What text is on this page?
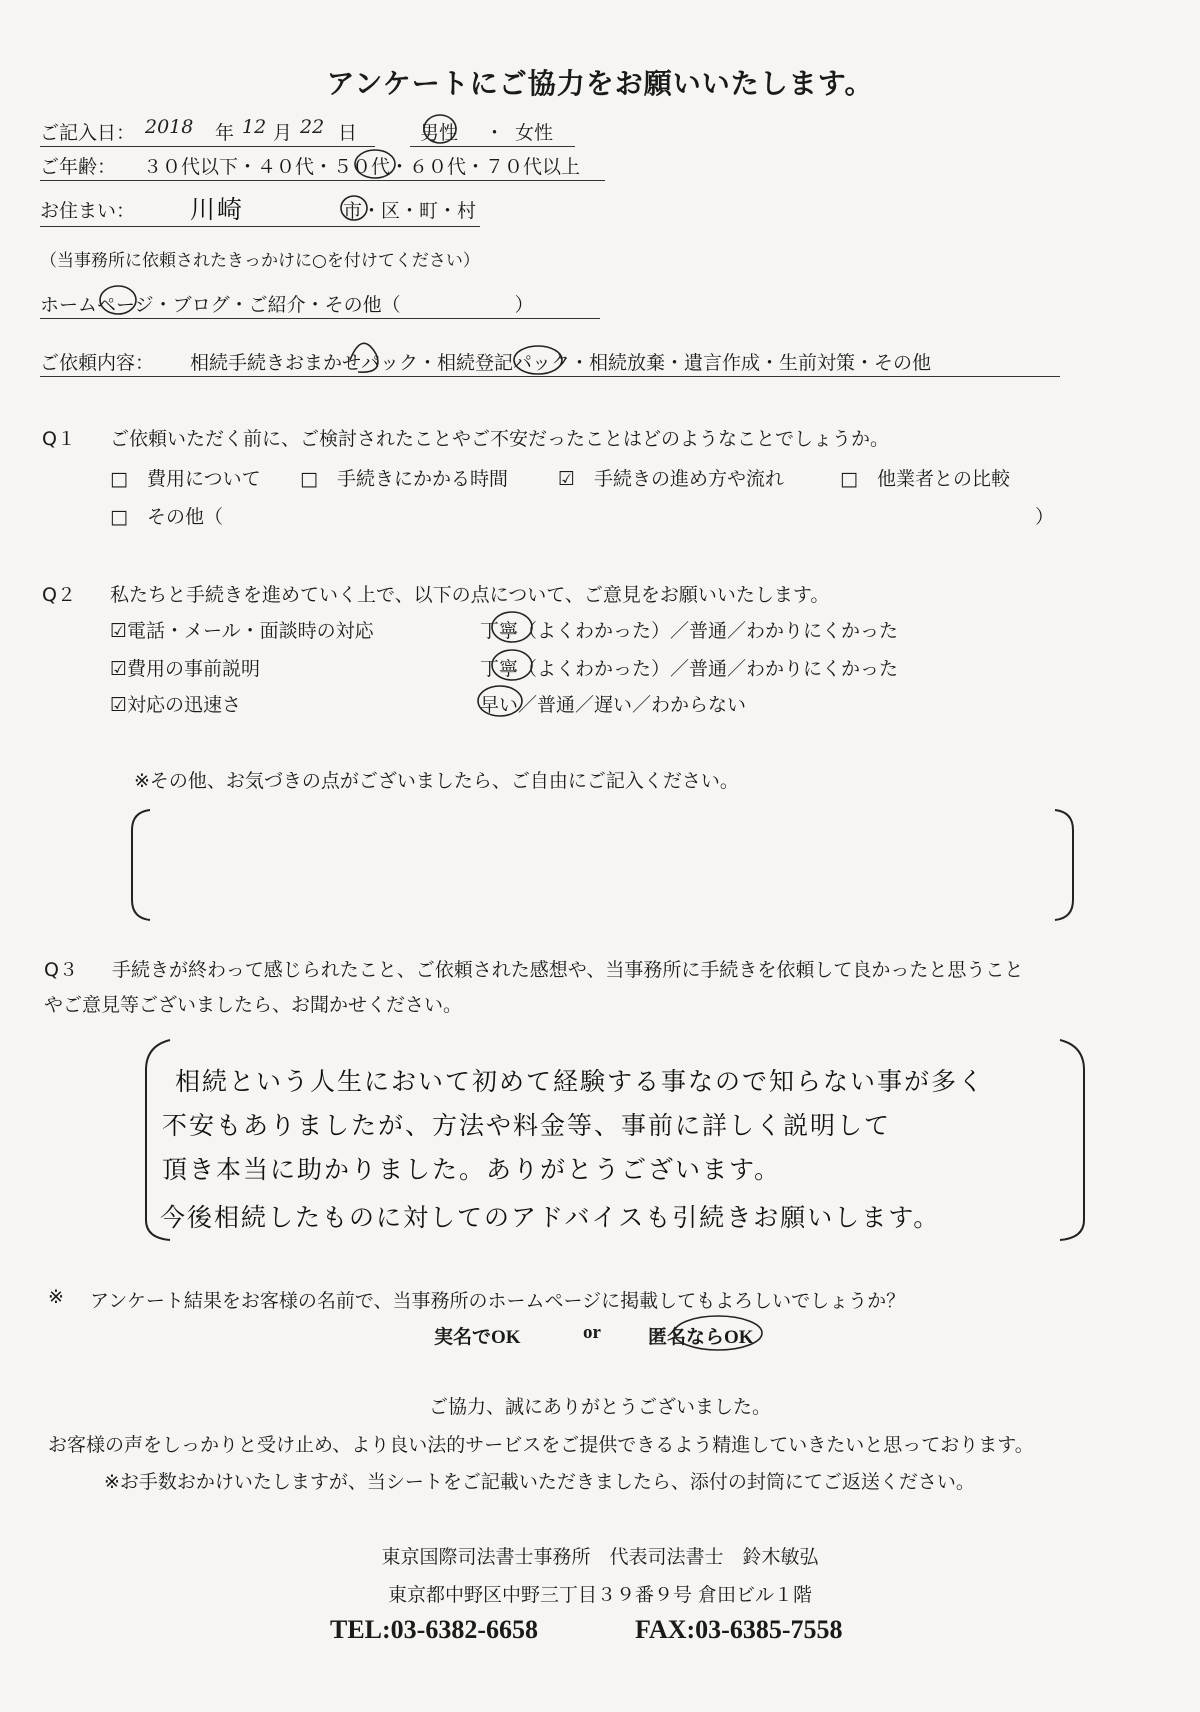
アンケートにご協力をお願いいたします。
ご記入日： 2018 年 12 月 22 日	男性 ・ 女性
ご年齢： ３０代以下・４０代・５０代・６０代・７０代以上
お住まい： 川崎	市・区・町・村
（当事務所に依頼されたきっかけに○を付けてください）
ホームページ・ブログ・ご紹介・その他（　　　　　　）
ご依頼内容： 相続手続きおまかせパック・相続登記パック・相続放棄・遺言作成・生前対策・その他
Q１ ご依頼いただく前に、ご検討されたことやご不安だったことはどのようなことでしょうか。
□　費用について □　手続きにかかる時間	☑　手続きの進め方や流れ	□　他業者との比較
□　その他（	）
Q２ 私たちと手続きを進めていく上で、以下の点について、ご意見をお願いいたします。
☑電話・メール・面談時の対応	丁寧（よくわかった）／普通／わかりにくかった
☑費用の事前説明	丁寧（よくわかった）／普通／わかりにくかった
☑対応の迅速さ	早い／普通／遅い／わからない
※その他、お気づきの点がございましたら、ご自由にご記入ください。
Q３ 手続きが終わって感じられたこと、ご依頼された感想や、当事務所に手続きを依頼して良かったと思うこと
やご意見等ございましたら、お聞かせください。
相続という人生において初めて経験する事なので知らない事が多く
不安もありましたが、方法や料金等、事前に詳しく説明して
頂き本当に助かりました。ありがとうございます。
今後相続したものに対してのアドバイスも引続きお願いします。
※ アンケート結果をお客様の名前で、当事務所のホームページに掲載してもよろしいでしょうか？
実名でOK	or 匿名ならOK
ご協力、誠にありがとうございました。
お客様の声をしっかりと受け止め、より良い法的サービスをご提供できるよう精進していきたいと思っております。
※お手数おかけいたしますが、当シートをご記載いただきましたら、添付の封筒にてご返送ください。
東京国際司法書士事務所　代表司法書士　鈴木敏弘
東京都中野区中野三丁目３９番９号 倉田ビル１階
TEL:03-6382-6658	FAX:03-6385-7558
